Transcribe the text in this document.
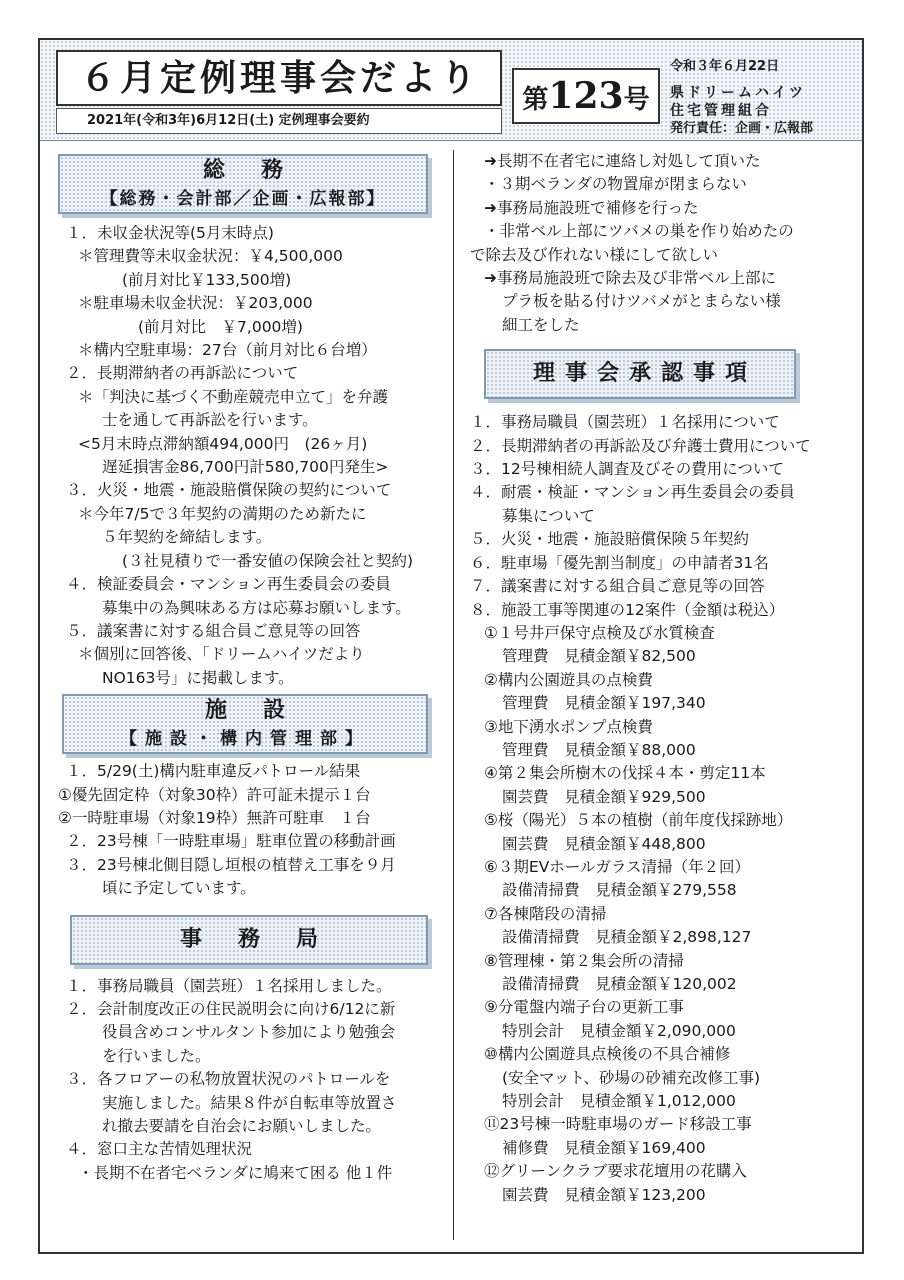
６月定例理事会だより
2021年(令和3年)6月12日(土) 定例理事会要約
第123号
令和３年６月22日
県ドリームハイツ
住宅管理組合
発行責任：企画・広報部
総務
【総務・会計部／企画・広報部】

１．未収金状況等(5月末時点)

＊管理費等未収金状況：￥4,500,000

(前月対比￥133,500増)

＊駐車場未収金状況：￥203,000

(前月対比　￥7,000増)

＊構内空駐車場：27台（前月対比６台増）

２．長期滞納者の再訴訟について

＊「判決に基づく不動産競売申立て」を弁護

士を通して再訴訟を行います。

<5月末時点滞納額494,000円　(26ヶ月)

遅延損害金86,700円計580,700円発生>

３．火災・地震・施設賠償保険の契約について

＊今年7/5で３年契約の満期のため新たに

５年契約を締結します。

(３社見積りで一番安値の保険会社と契約)

４．検証委員会・マンション再生委員会の委員

募集中の為興味ある方は応募お願いします。

５．議案書に対する組合員ご意見等の回答

＊個別に回答後、「ドリームハイツだより

NO163号」に掲載します。

施設
【施設・構内管理部】

１．5/29(土)構内駐車違反パトロール結果

①優先固定枠（対象30枠）許可証未提示１台

②一時駐車場（対象19枠）無許可駐車　１台

２．23号棟「一時駐車場」駐車位置の移動計画

３．23号棟北側目隠し垣根の植替え工事を９月

頃に予定しています。

事務局

１．事務局職員（園芸班）１名採用しました。

２．会計制度改正の住民説明会に向け6/12に新

役員含めコンサルタント参加により勉強会

を行いました。

３．各フロアーの私物放置状況のパトロールを

実施しました。結果８件が自転車等放置さ

れ撤去要請を自治会にお願いしました。

４．窓口主な苦情処理状況

・長期不在者宅ベランダに鳩来て困る 他１件

➜長期不在者宅に連絡し対処して頂いた

・３期ベランダの物置扉が閉まらない

➜事務局施設班で補修を行った

・非常ベル上部にツバメの巣を作り始めたの

で除去及び作れない様にして欲しい

➜事務局施設班で除去及び非常ベル上部に

プラ板を貼る付けツバメがとまらない様

細工をした

理事会承認事項

１．事務局職員（園芸班）１名採用について

２．長期滞納者の再訴訟及び弁護士費用について

３．12号棟相続人調査及びその費用について

４．耐震・検証・マンション再生委員会の委員

募集について

５．火災・地震・施設賠償保険５年契約

６．駐車場「優先割当制度」の申請者31名

７．議案書に対する組合員ご意見等の回答

８．施設工事等関連の12案件（金額は税込）

①１号井戸保守点検及び水質検査

管理費　見積金額￥82,500

②構内公園遊具の点検費

管理費　見積金額￥197,340

③地下湧水ポンプ点検費

管理費　見積金額￥88,000

④第２集会所樹木の伐採４本・剪定11本

園芸費　見積金額￥929,500

⑤桜（陽光）５本の植樹（前年度伐採跡地）

園芸費　見積金額￥448,800

⑥３期EVホールガラス清掃（年２回）

設備清掃費　見積金額￥279,558

⑦各棟階段の清掃

設備清掃費　見積金額￥2,898,127

⑧管理棟・第２集会所の清掃

設備清掃費　見積金額￥120,002

⑨分電盤内端子台の更新工事

特別会計　見積金額￥2,090,000

⑩構内公園遊具点検後の不具合補修

(安全マット、砂場の砂補充改修工事)

特別会計　見積金額￥1,012,000

⑪23号棟一時駐車場のガード移設工事

補修費　見積金額￥169,400

⑫グリーンクラブ要求花壇用の花購入

園芸費　見積金額￥123,200
